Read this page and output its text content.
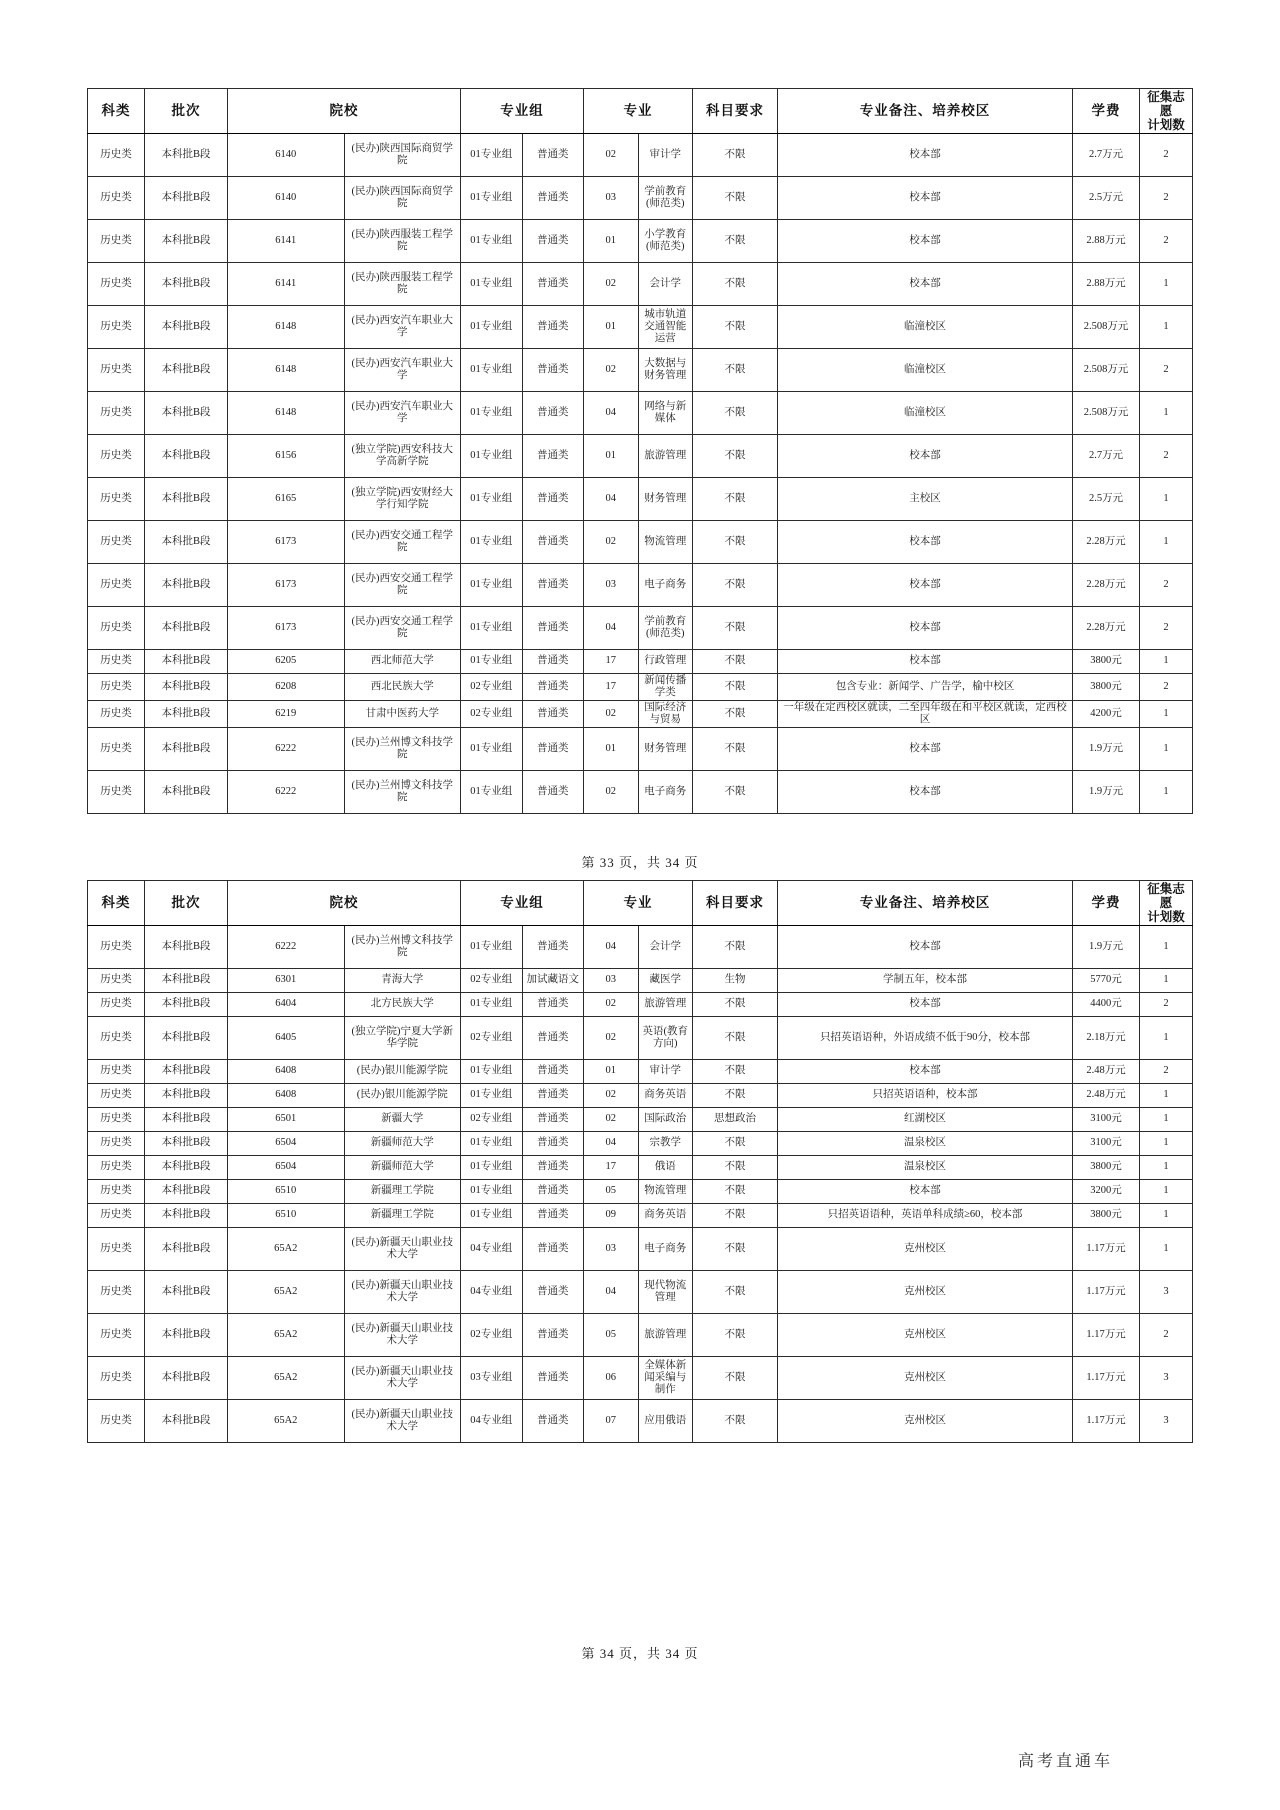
科类	批次	院校		专业组		专业		科目要求	专业备注、培养校区	学费	征集志愿
计划数
历史类	本科批B段	6140	(民办)陕西国际商贸学院	01专业组	普通类	02	审计学	不限	校本部	2.7万元	2
历史类	本科批B段	6140	(民办)陕西国际商贸学院	01专业组	普通类	03	学前教育(师范类)	不限	校本部	2.5万元	2
历史类	本科批B段	6141	(民办)陕西服装工程学院	01专业组	普通类	01	小学教育(师范类)	不限	校本部	2.88万元	2
历史类	本科批B段	6141	(民办)陕西服装工程学院	01专业组	普通类	02	会计学	不限	校本部	2.88万元	1
历史类	本科批B段	6148	(民办)西安汽车职业大学	01专业组	普通类	01	城市轨道交通智能运营	不限	临潼校区	2.508万元	1
历史类	本科批B段	6148	(民办)西安汽车职业大学	01专业组	普通类	02	大数据与财务管理	不限	临潼校区	2.508万元	2
历史类	本科批B段	6148	(民办)西安汽车职业大学	01专业组	普通类	04	网络与新媒体	不限	临潼校区	2.508万元	1
历史类	本科批B段	6156	(独立学院)西安科技大学高新学院	01专业组	普通类	01	旅游管理	不限	校本部	2.7万元	2
历史类	本科批B段	6165	(独立学院)西安财经大学行知学院	01专业组	普通类	04	财务管理	不限	主校区	2.5万元	1
历史类	本科批B段	6173	(民办)西安交通工程学院	01专业组	普通类	02	物流管理	不限	校本部	2.28万元	1
历史类	本科批B段	6173	(民办)西安交通工程学院	01专业组	普通类	03	电子商务	不限	校本部	2.28万元	2
历史类	本科批B段	6173	(民办)西安交通工程学院	01专业组	普通类	04	学前教育(师范类)	不限	校本部	2.28万元	2
历史类	本科批B段	6205	西北师范大学	01专业组	普通类	17	行政管理	不限	校本部	3800元	1
历史类	本科批B段	6208	西北民族大学	02专业组	普通类	17	新闻传播学类	不限	包含专业：新闻学、广告学，榆中校区	3800元	2
历史类	本科批B段	6219	甘肃中医药大学	02专业组	普通类	02	国际经济与贸易	不限	一年级在定西校区就读，二至四年级在和平校区就读，定西校区	4200元	1
历史类	本科批B段	6222	(民办)兰州博文科技学院	01专业组	普通类	01	财务管理	不限	校本部	1.9万元	1
历史类	本科批B段	6222	(民办)兰州博文科技学院	01专业组	普通类	02	电子商务	不限	校本部	1.9万元	1
第 33 页，共 34 页
科类	批次	院校		专业组		专业		科目要求	专业备注、培养校区	学费	征集志愿
计划数
历史类	本科批B段	6222	(民办)兰州博文科技学院	01专业组	普通类	04	会计学	不限	校本部	1.9万元	1
历史类	本科批B段	6301	青海大学	02专业组	加试藏语文	03	藏医学	生物	学制五年，校本部	5770元	1
历史类	本科批B段	6404	北方民族大学	01专业组	普通类	02	旅游管理	不限	校本部	4400元	2
历史类	本科批B段	6405	(独立学院)宁夏大学新华学院	02专业组	普通类	02	英语(教育方向)	不限	只招英语语种，外语成绩不低于90分，校本部	2.18万元	1
历史类	本科批B段	6408	(民办)银川能源学院	01专业组	普通类	01	审计学	不限	校本部	2.48万元	2
历史类	本科批B段	6408	(民办)银川能源学院	01专业组	普通类	02	商务英语	不限	只招英语语种，校本部	2.48万元	1
历史类	本科批B段	6501	新疆大学	02专业组	普通类	02	国际政治	思想政治	红湖校区	3100元	1
历史类	本科批B段	6504	新疆师范大学	01专业组	普通类	04	宗教学	不限	温泉校区	3100元	1
历史类	本科批B段	6504	新疆师范大学	01专业组	普通类	17	俄语	不限	温泉校区	3800元	1
历史类	本科批B段	6510	新疆理工学院	01专业组	普通类	05	物流管理	不限	校本部	3200元	1
历史类	本科批B段	6510	新疆理工学院	01专业组	普通类	09	商务英语	不限	只招英语语种，英语单科成绩≥60，校本部	3800元	1
历史类	本科批B段	65A2	(民办)新疆天山职业技术大学	04专业组	普通类	03	电子商务	不限	克州校区	1.17万元	1
历史类	本科批B段	65A2	(民办)新疆天山职业技术大学	04专业组	普通类	04	现代物流管理	不限	克州校区	1.17万元	3
历史类	本科批B段	65A2	(民办)新疆天山职业技术大学	02专业组	普通类	05	旅游管理	不限	克州校区	1.17万元	2
历史类	本科批B段	65A2	(民办)新疆天山职业技术大学	03专业组	普通类	06	全媒体新闻采编与制作	不限	克州校区	1.17万元	3
历史类	本科批B段	65A2	(民办)新疆天山职业技术大学	04专业组	普通类	07	应用俄语	不限	克州校区	1.17万元	3
第 34 页，共 34 页
高考直通车
